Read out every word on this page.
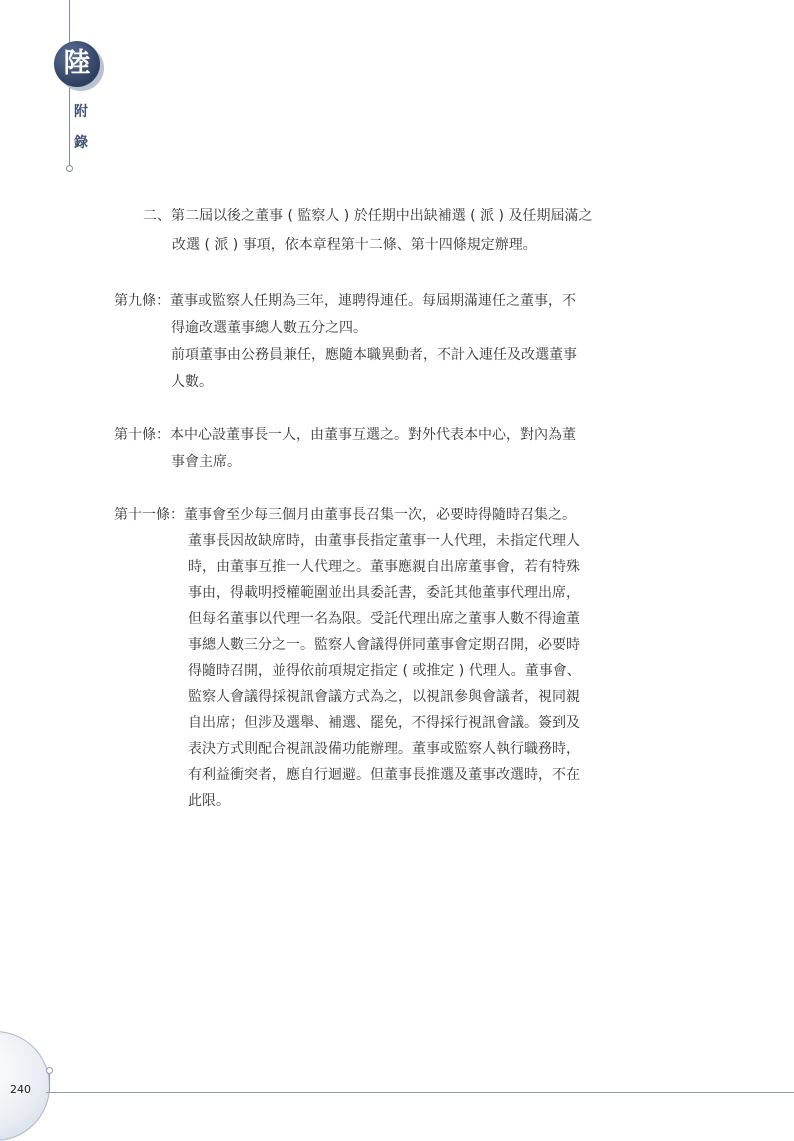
陸
附
錄
二、第二屆以後之董事 ( 監察人 ) 於任期中出缺補選 ( 派 ) 及任期屆滿之
改選 ( 派 ) 事項，依本章程第十二條、第十四條規定辦理。
第九條：董事或監察人任期為三年，連聘得連任。每屆期滿連任之董事，不
得逾改選董事總人數五分之四。
前項董事由公務員兼任，應隨本職異動者，不計入連任及改選董事
人數。
第十條：本中心設董事長一人，由董事互選之。對外代表本中心，對內為董
事會主席。
第十一條：董事會至少每三個月由董事長召集一次，必要時得隨時召集之。
董事長因故缺席時，由董事長指定董事一人代理，未指定代理人
時，由董事互推一人代理之。董事應親自出席董事會，若有特殊
事由，得載明授權範圍並出具委託書，委託其他董事代理出席，
但每名董事以代理一名為限。受託代理出席之董事人數不得逾董
事總人數三分之一。監察人會議得併同董事會定期召開，必要時
得隨時召開，並得依前項規定指定 ( 或推定 ) 代理人。董事會、
監察人會議得採視訊會議方式為之，以視訊參與會議者，視同親
自出席；但涉及選舉、補選、罷免，不得採行視訊會議。簽到及
表決方式則配合視訊設備功能辦理。董事或監察人執行職務時，
有利益衝突者，應自行迴避。但董事長推選及董事改選時，不在
此限。
240
